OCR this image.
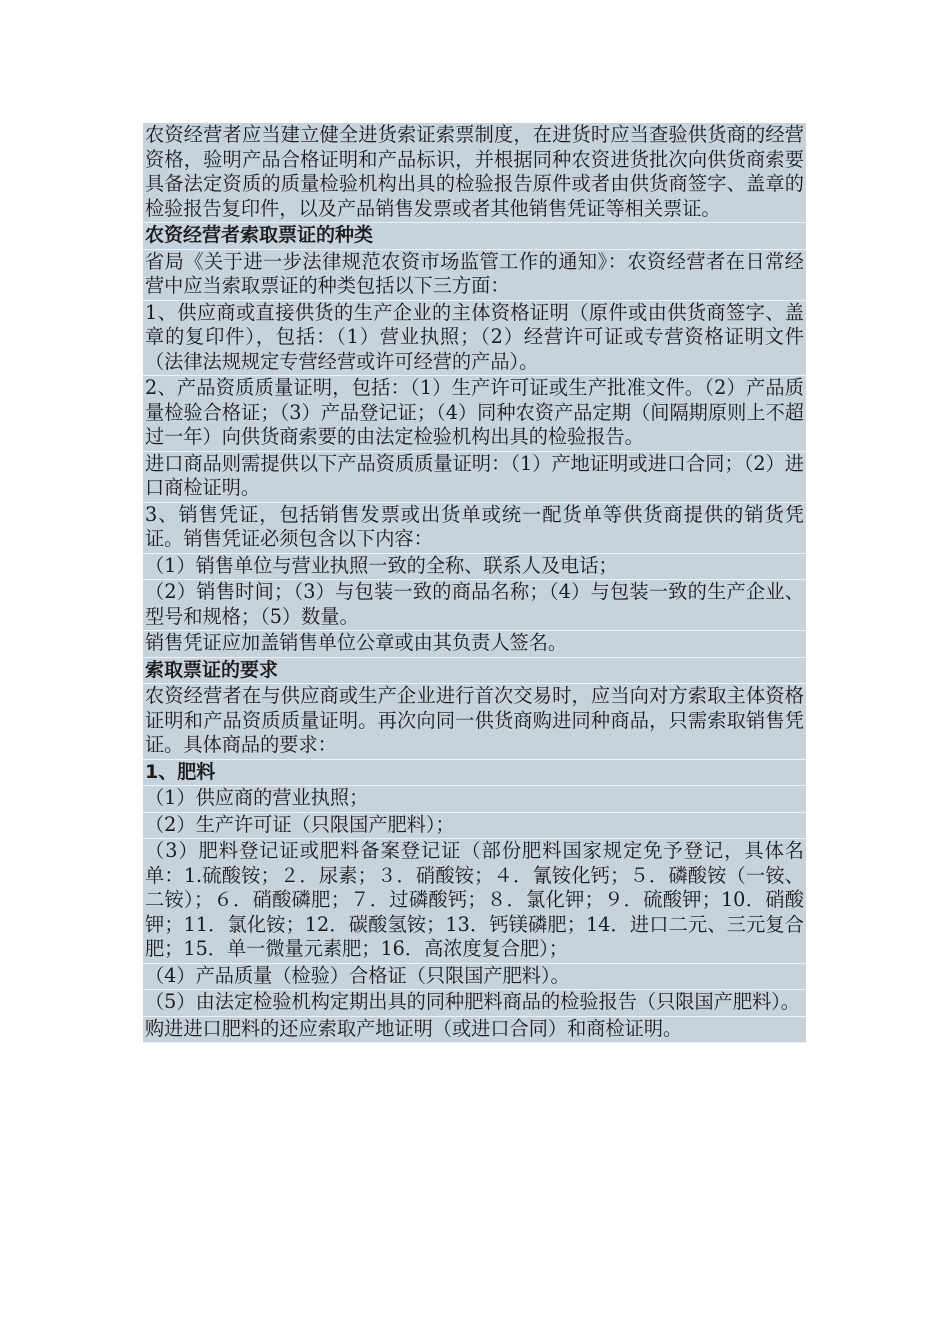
农资经营者应当建立健全进货索证索票制度，在进货时应当查验供货商的经营资格，验明产品合格证明和产品标识，并根据同种农资进货批次向供货商索要具备法定资质的质量检验机构出具的检验报告原件或者由供货商签字、盖章的检验报告复印件，以及产品销售发票或者其他销售凭证等相关票证。
农资经营者索取票证的种类
省局《关于进一步法律规范农资市场监管工作的通知》：农资经营者在日常经营中应当索取票证的种类包括以下三方面：
1、供应商或直接供货的生产企业的主体资格证明（原件或由供货商签字、盖章的复印件），包括：（1）营业执照；（2）经营许可证或专营资格证明文件（法律法规规定专营经营或许可经营的产品）。
2、产品资质质量证明，包括：（1）生产许可证或生产批准文件。（2）产品质量检验合格证；（3）产品登记证；（4）同种农资产品定期（间隔期原则上不超过一年）向供货商索要的由法定检验机构出具的检验报告。
进口商品则需提供以下产品资质质量证明：（1）产地证明或进口合同；（2）进口商检证明。
3、销售凭证，包括销售发票或出货单或统一配货单等供货商提供的销货凭证。销售凭证必须包含以下内容：
（1）销售单位与营业执照一致的全称、联系人及电话；
（2）销售时间；（3）与包装一致的商品名称；（4）与包装一致的生产企业、型号和规格；（5）数量。
销售凭证应加盖销售单位公章或由其负责人签名。
索取票证的要求
农资经营者在与供应商或生产企业进行首次交易时，应当向对方索取主体资格证明和产品资质质量证明。再次向同一供货商购进同种商品，只需索取销售凭证。具体商品的要求：
1、肥料
（1）供应商的营业执照；
（2）生产许可证（只限国产肥料）；
（3）肥料登记证或肥料备案登记证（部份肥料国家规定免予登记，具体名单：1.硫酸铵；２．尿素；３．硝酸铵；４．氰铵化钙；５．磷酸铵（一铵、二铵）；６．硝酸磷肥；７．过磷酸钙；８．氯化钾；９．硫酸钾；10．硝酸钾；11．氯化铵；12．碳酸氢铵；13．钙镁磷肥；14．进口二元、三元复合肥；15．单一微量元素肥；16．高浓度复合肥）；
（4）产品质量（检验）合格证（只限国产肥料）。
（5）由法定检验机构定期出具的同种肥料商品的检验报告（只限国产肥料）。
购进进口肥料的还应索取产地证明（或进口合同）和商检证明。
